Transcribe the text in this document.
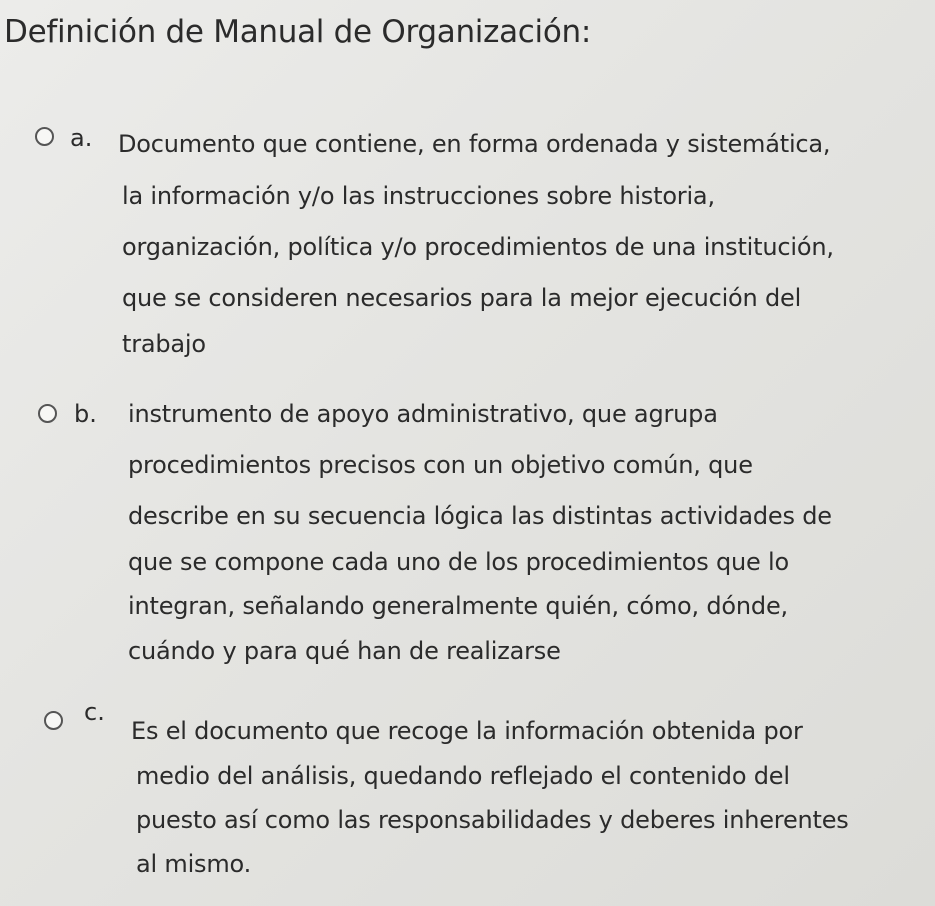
Definición de Manual de Organización:
a. Documento que contiene, en forma ordenada y sistemática,
la información y/o las instrucciones sobre historia,
organización, política y/o procedimientos de una institución,
que se consideren necesarios para la mejor ejecución del
trabajo
b. instrumento de apoyo administrativo, que agrupa
procedimientos precisos con un objetivo común, que
describe en su secuencia lógica las distintas actividades de
que se compone cada uno de los procedimientos que lo
integran, señalando generalmente quién, cómo, dónde,
cuándo y para qué han de realizarse
c.
Es el documento que recoge la información obtenida por
medio del análisis, quedando reflejado el contenido del
puesto así como las responsabilidades y deberes inherentes
al mismo.
